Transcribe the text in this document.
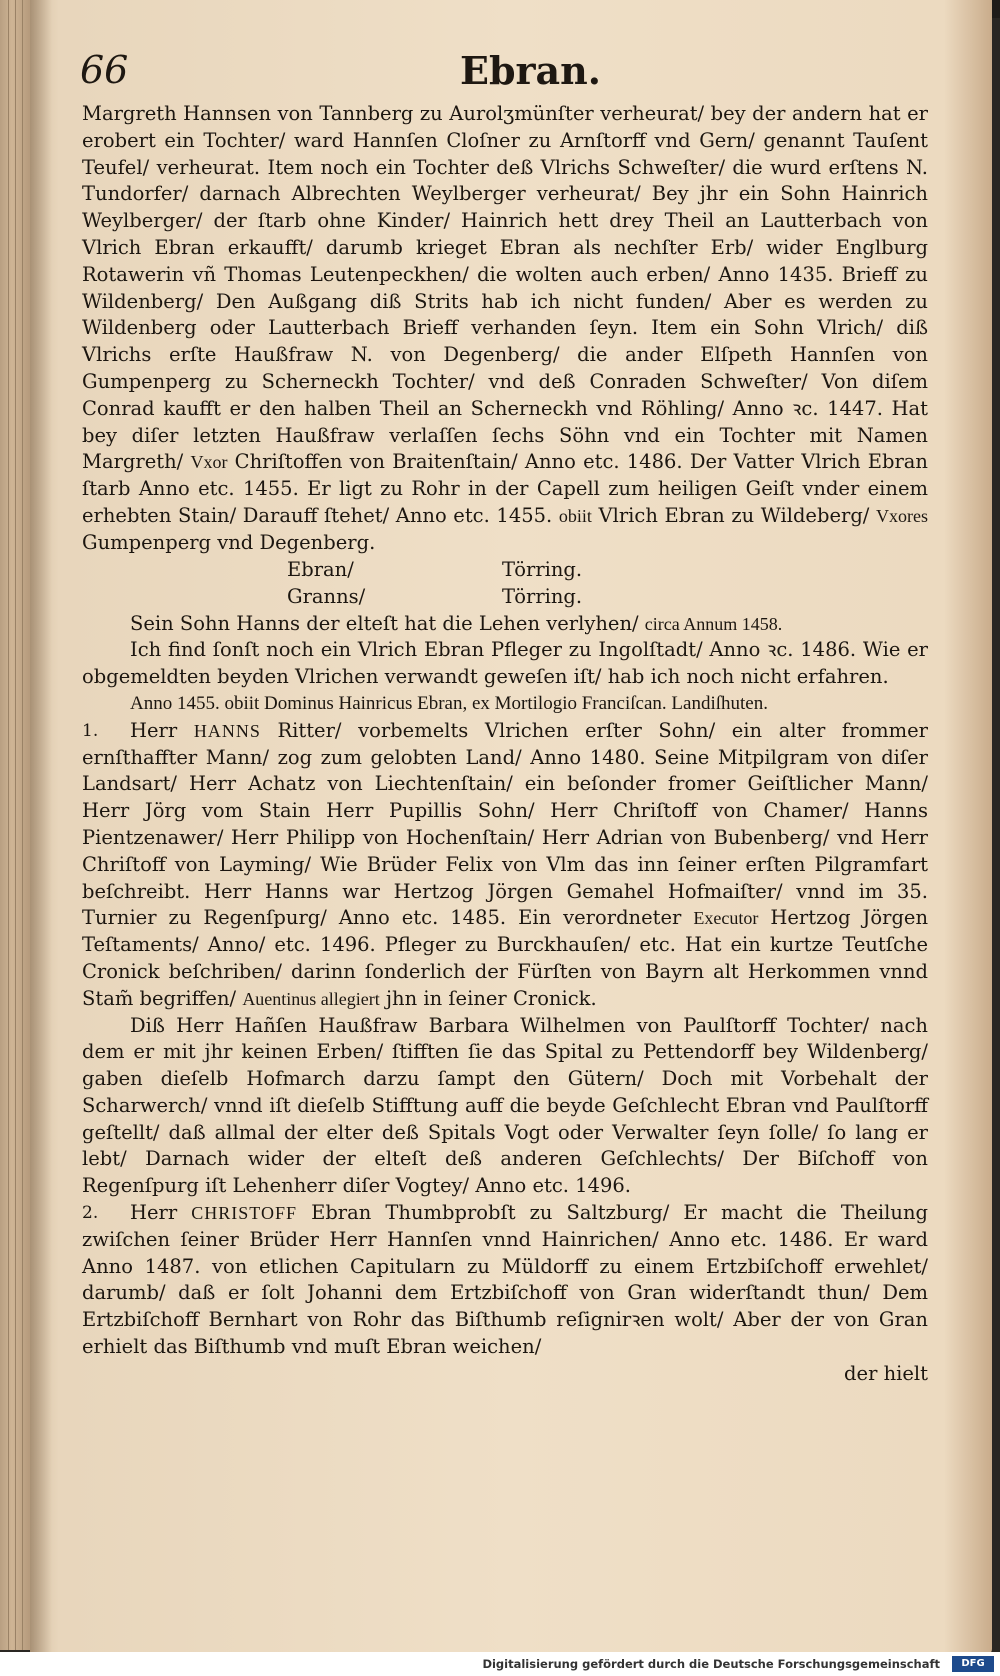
66	Ebran.

Margreth Hannsen von Tannberg zu Aurolʒmünſter verheurat/ bey der andern hat er erobert ein Tochter/ ward Hannſen Cloſner zu Arnſtorff vnd Gern/ genannt Tauſent Teufel/ verheurat. Item noch ein Tochter deß Vlrichs Schweſter/ die wurd erſtens N. Tundorfer/ darnach Albrechten Weylberger verheurat/ Bey jhr ein Sohn Hainrich Weylberger/ der ſtarb ohne Kinder/ Hainrich hett drey Theil an Lautterbach von Vlrich Ebran erkaufft/ darumb krieget Ebran als nechſter Erb/ wider Englburg Rotawerin vñ Thomas Leutenpeckhen/ die wolten auch erben/ Anno 1435. Brieff zu Wildenberg/ Den Außgang diß Strits hab ich nicht funden/ Aber es werden zu Wildenberg oder Lautterbach Brieff verhanden ſeyn. Item ein Sohn Vlrich/ diß Vlrichs erſte Haußfraw N. von Degenberg/ die ander Elſpeth Hannſen von Gumpenperg zu Scherneckh Tochter/ vnd deß Conraden Schweſter/ Von diſem Conrad kaufft er den halben Theil an Scherneckh vnd Röhling/ Anno ꝛc. 1447. Hat bey diſer letzten Haußfraw verlaſſen ſechs Söhn vnd ein Tochter mit Namen Margreth/ Vxor Chriſtoffen von Braitenſtain/ Anno etc. 1486. Der Vatter Vlrich Ebran ſtarb Anno etc. 1455. Er ligt zu Rohr in der Capell zum heiligen Geiſt vnder einem erhebten Stain/ Darauff ſtehet/ Anno etc. 1455. obiit Vlrich Ebran zu Wildeberg/ Vxores Gumpenperg vnd Degenberg.

Ebran/	Törring.
Granns/	Törring.

Sein Sohn Hanns der elteſt hat die Lehen verlyhen/ circa Annum 1458.

Ich find ſonſt noch ein Vlrich Ebran Pfleger zu Ingolſtadt/ Anno ꝛc. 1486. Wie er obgemeldten beyden Vlrichen verwandt geweſen iſt/ hab ich noch nicht erfahren.

Anno 1455. obiit Dominus Hainricus Ebran, ex Mortilogio Franciſcan. Landiſhuten.

1. Herr HANNS Ritter/ vorbemelts Vlrichen erſter Sohn/ ein alter frommer ernſthaffter Mann/ zog zum gelobten Land/ Anno 1480. Seine Mitpilgram von diſer Landsart/ Herr Achatz von Liechtenſtain/ ein beſonder fromer Geiſtlicher Mann/ Herr Jörg vom Stain Herr Pupillis Sohn/ Herr Chriſtoff von Chamer/ Hanns Pientzenawer/ Herr Philipp von Hochenſtain/ Herr Adrian von Bubenberg/ vnd Herr Chriſtoff von Layming/ Wie Brüder Felix von Vlm das inn ſeiner erſten Pilgramfart beſchreibt. Herr Hanns war Hertzog Jörgen Gemahel Hofmaiſter/ vnnd im 35. Turnier zu Regenſpurg/ Anno etc. 1485. Ein verordneter Executor Hertzog Jörgen Teſtaments/ Anno/ etc. 1496. Pfleger zu Burckhauſen/ etc. Hat ein kurtze Teutſche Cronick beſchriben/ darinn ſonderlich der Fürſten von Bayrn alt Herkommen vnnd Stam̃ begriffen/ Auentinus allegiert jhn in ſeiner Cronick.

Diß Herr Hañſen Haußfraw Barbara Wilhelmen von Paulſtorff Tochter/ nach dem er mit jhr keinen Erben/ ſtifften ſie das Spital zu Pettendorff bey Wildenberg/ gaben dieſelb Hofmarch darzu ſampt den Gütern/ Doch mit Vorbehalt der Scharwerch/ vnnd iſt dieſelb Stifftung auff die beyde Geſchlecht Ebran vnd Paulſtorff geſtellt/ daß allmal der elter deß Spitals Vogt oder Verwalter ſeyn ſolle/ ſo lang er lebt/ Darnach wider der elteſt deß anderen Geſchlechts/ Der Biſchoff von Regenſpurg iſt Lehenherr diſer Vogtey/ Anno etc. 1496.

2. Herr CHRISTOFF Ebran Thumbprobſt zu Saltzburg/ Er macht die Theilung zwiſchen ſeiner Brüder Herr Hannſen vnnd Hainrichen/ Anno etc. 1486. Er ward Anno 1487. von etlichen Capitularn zu Müldorff zu einem Ertzbiſchoff erwehlet/ darumb/ daß er ſolt Johanni dem Ertzbiſchoff von Gran widerſtandt thun/ Dem Ertzbiſchoff Bernhart von Rohr das Biſthumb reſignirꝛen wolt/ Aber der von Gran erhielt das Biſthumb vnd muſt Ebran weichen/

der hielt

Digitalisierung gefördert durch die Deutsche Forschungsgemeinschaft	DFG
